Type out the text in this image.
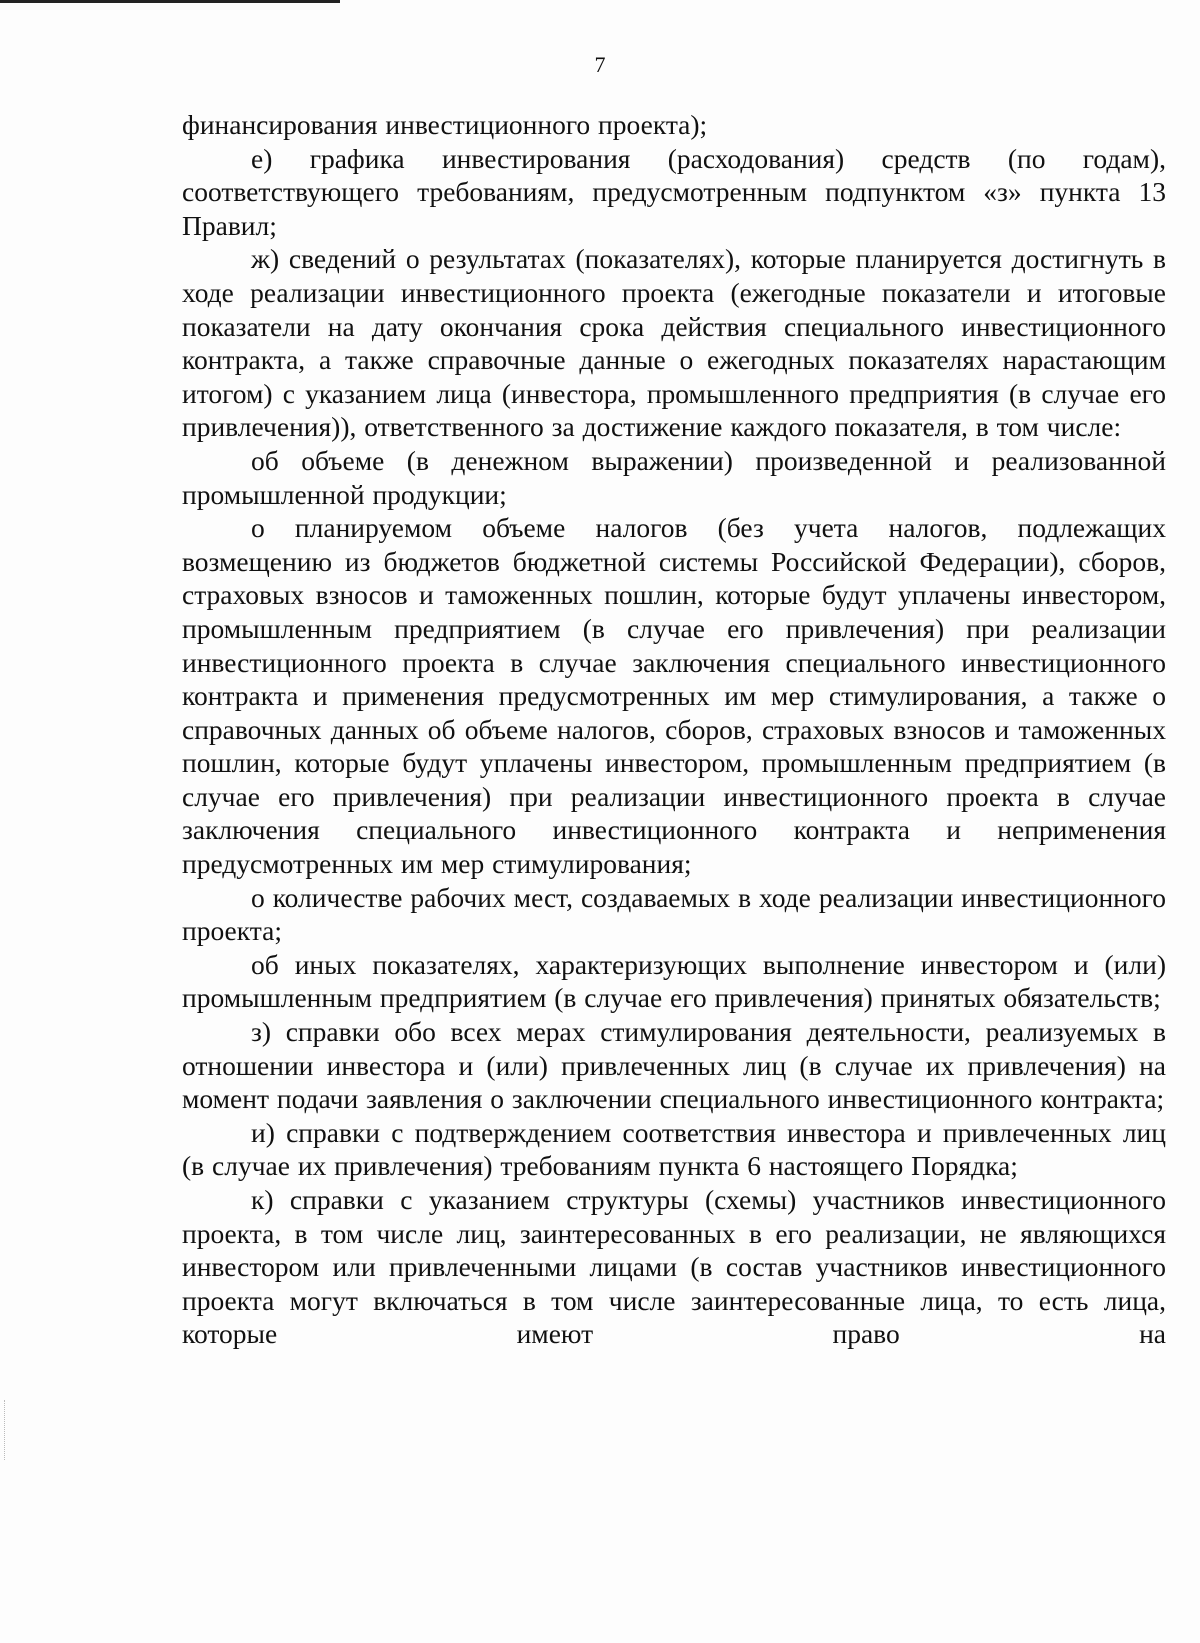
7

финансирования инвестиционного проекта);

е) графика инвестирования (расходования) средств (по годам), соответствующего требованиям, предусмотренным подпунктом «з» пункта 13 Правил;

ж) сведений о результатах (показателях), которые планируется достигнуть в ходе реализации инвестиционного проекта (ежегодные показатели и итоговые показатели на дату окончания срока действия специального инвестиционного контракта, а также справочные данные о ежегодных показателях нарастающим итогом) с указанием лица (инвестора, промышленного предприятия (в случае его привлечения)), ответственного за достижение каждого показателя, в том числе:

об объеме (в денежном выражении) произведенной и реализованной промышленной продукции;

о планируемом объеме налогов (без учета налогов, подлежащих возмещению из бюджетов бюджетной системы Российской Федерации), сборов, страховых взносов и таможенных пошлин, которые будут уплачены инвестором, промышленным предприятием (в случае его привлечения) при реализации инвестиционного проекта в случае заключения специального инвестиционного контракта и применения предусмотренных им мер стимулирования, а также о справочных данных об объеме налогов, сборов, страховых взносов и таможенных пошлин, которые будут уплачены инвестором, промышленным предприятием (в случае его привлечения) при реализации инвестиционного проекта в случае заключения специального инвестиционного контракта и неприменения предусмотренных им мер стимулирования;

о количестве рабочих мест, создаваемых в ходе реализации инвестиционного проекта;

об иных показателях, характеризующих выполнение инвестором и (или) промышленным предприятием (в случае его привлечения) принятых обязательств;

з) справки обо всех мерах стимулирования деятельности, реализуемых в отношении инвестора и (или) привлеченных лиц (в случае их привлечения) на момент подачи заявления о заключении специального инвестиционного контракта;

и) справки с подтверждением соответствия инвестора и привлеченных лиц (в случае их привлечения) требованиям пункта 6 настоящего Порядка;

к) справки с указанием структуры (схемы) участников инвестиционного проекта, в том числе лиц, заинтересованных в его реализации, не являющихся инвестором или привлеченными лицами (в состав участников инвестиционного проекта могут включаться в том числе заинтересованные лица, то есть лица, которые имеют право на
